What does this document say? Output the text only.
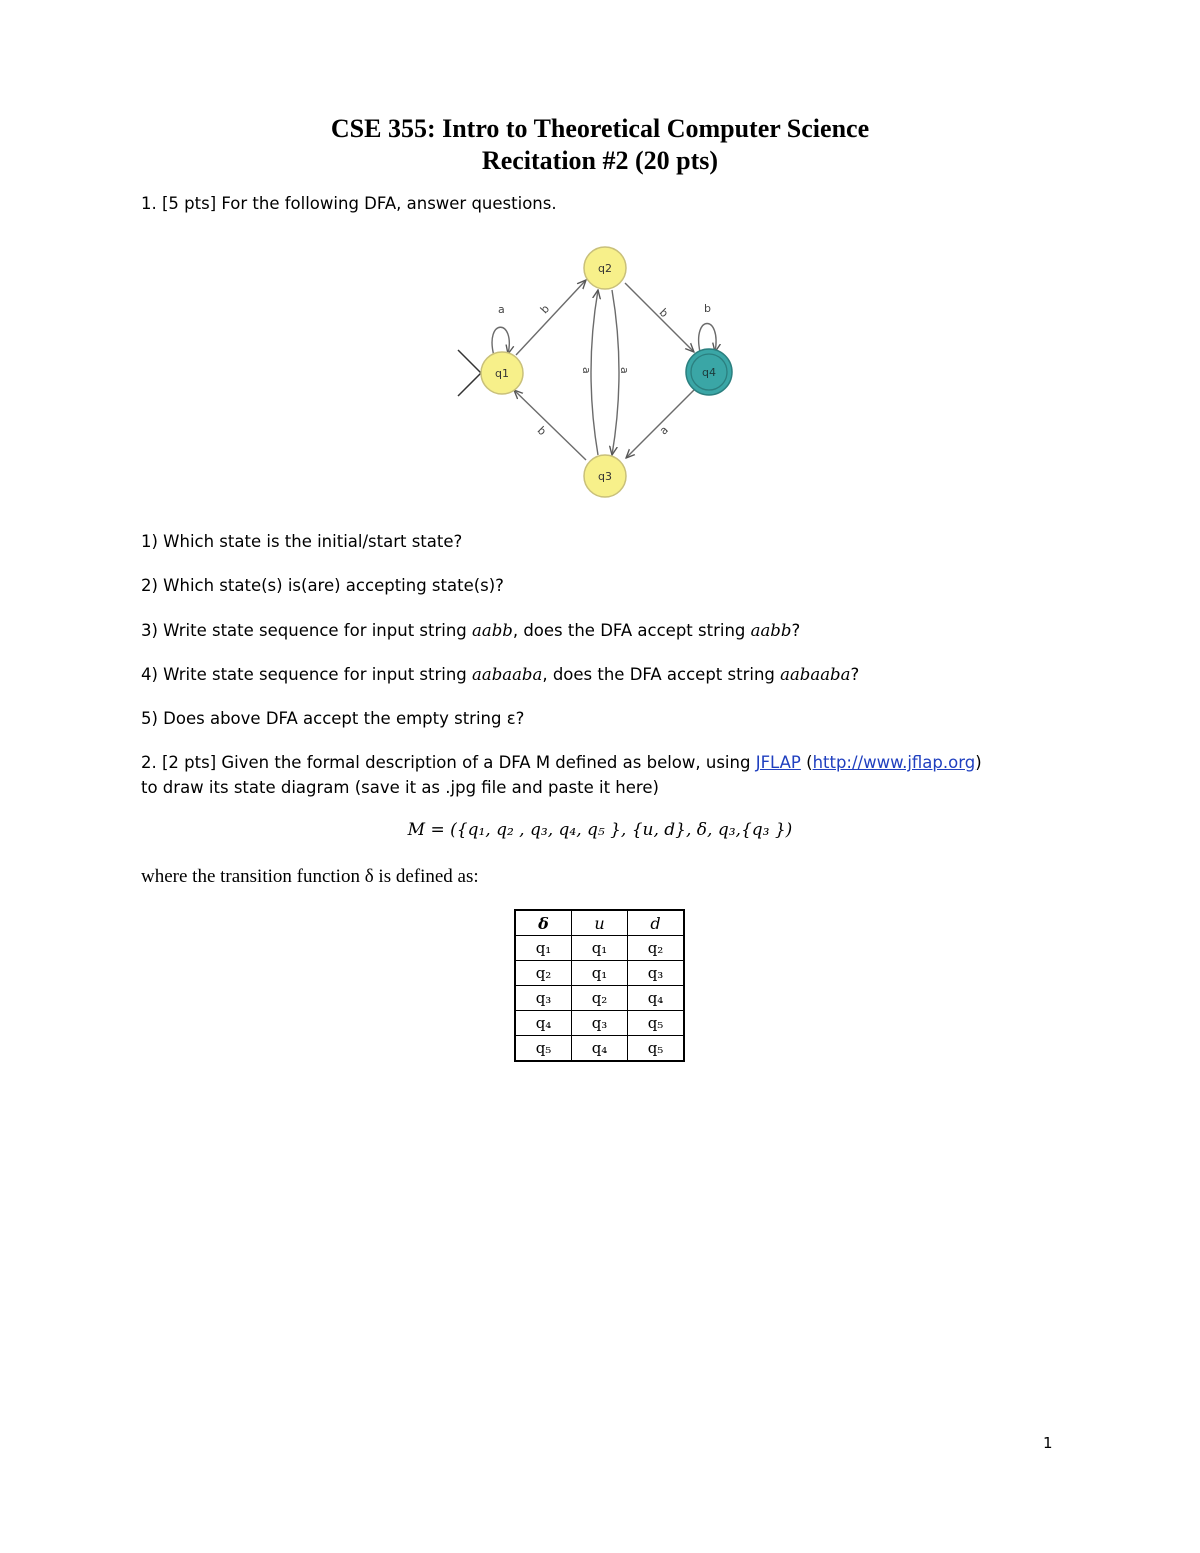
CSE 355: Intro to Theoretical Computer Science
Recitation #2 (20 pts)
1. [5 pts] For the following DFA, answer questions.
a	b
a a
b	b
a
b
q2
q1
q3
q4
1) Which state is the initial/start state?
2) Which state(s) is(are) accepting state(s)?
3) Write state sequence for input string aabb, does the DFA accept string aabb?
4) Write state sequence for input string aabaaba, does the DFA accept string aabaaba?
5) Does above DFA accept the empty string ε?
2. [2 pts] Given the formal description of a DFA M defined as below, using JFLAP (http://www.jflap.org)
to draw its state diagram (save it as .jpg file and paste it here)
M = ({q₁, q₂ , q₃, q₄, q₅ }, {u, d}, δ, q₃,{q₃ })
where the transition function δ is defined as:
δ	u	d
q₁	q₁	q₂
q₂	q₁	q₃
q₃	q₂	q₄
q₄	q₃	q₅
q₅	q₄	q₅
1
